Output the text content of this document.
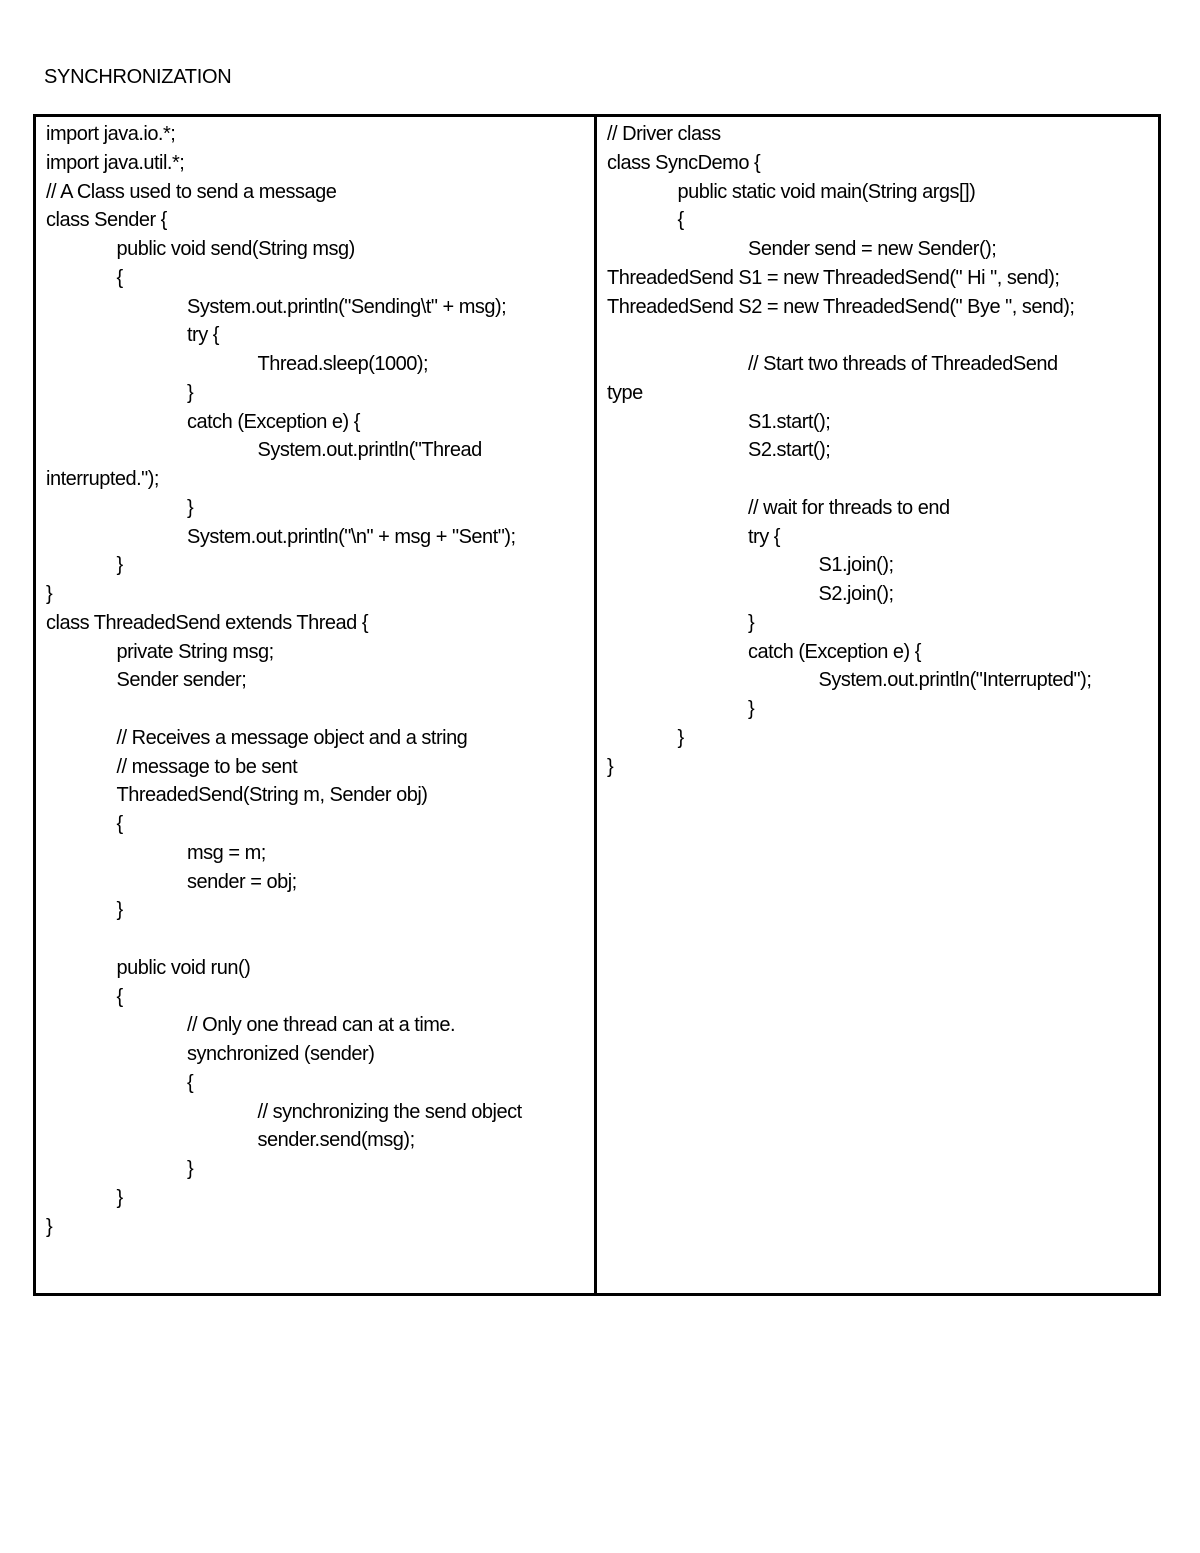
SYNCHRONIZATION
import java.io.*;
import java.util.*;
// A Class used to send a message
class Sender {
public void send(String msg)
{
System.out.println("Sending\t" + msg);
try {
Thread.sleep(1000);
}
catch (Exception e) {
System.out.println("Thread
interrupted.");
}
System.out.println("\n" + msg + "Sent");
}
}
class ThreadedSend extends Thread {
private String msg;
Sender sender;
// Receives a message object and a string
// message to be sent
ThreadedSend(String m, Sender obj)
{
msg = m;
sender = obj;
}
public void run()
{
// Only one thread can at a time.
synchronized (sender)
{
// synchronizing the send object
sender.send(msg);
}
}
}
// Driver class
class SyncDemo {
public static void main(String args[])
{
Sender send = new Sender();
ThreadedSend S1 = new ThreadedSend(" Hi ", send);
ThreadedSend S2 = new ThreadedSend(" Bye ", send);
// Start two threads of ThreadedSend
type
S1.start();
S2.start();
// wait for threads to end
try {
S1.join();
S2.join();
}
catch (Exception e) {
System.out.println("Interrupted");
}
}
}
